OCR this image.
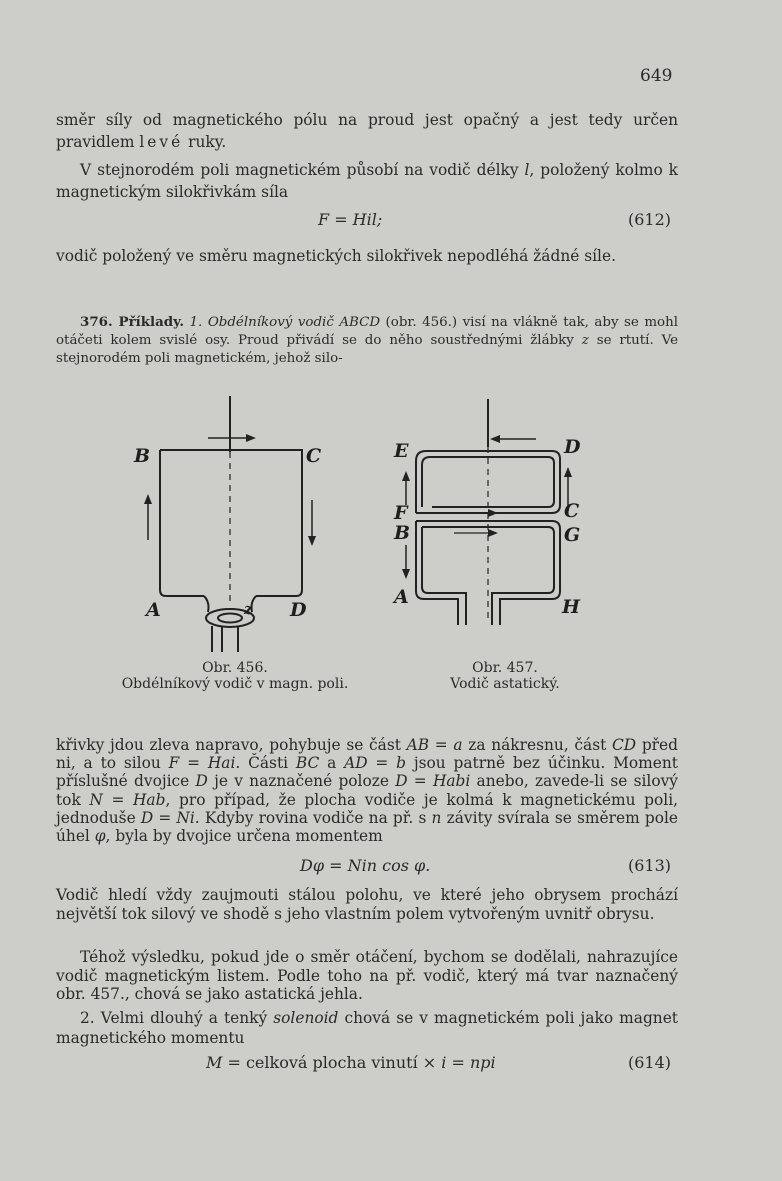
649
směr síly od magnetického pólu na proud jest opačný a jest tedy určen pravidlem levé ruky.
V stejnorodém poli magnetickém působí na vodič délky l, položený kolmo k magnetickým silokřivkám síla
F = Hil;	(612)
vodič položený ve směru magnetických silokřivek nepodléhá žádné síle.
376. Příklady. 1. Obdélníkový vodič ABCD (obr. 456.) visí na vlákně tak, aby se mohl otáčeti kolem svislé osy. Proud přivádí se do něho soustřednými žlábky z se rtutí. Ve stejnorodém poli magnetickém, jehož silo-
B	C
A	D
z
Obr. 456.
Obdélníkový vodič v magn. poli.
E	D
F	C
B	G
A	H
Obr. 457.
Vodič astatický.
křivky jdou zleva napravo, pohybuje se část AB = a za nákresnu, část CD před ni, a to silou F = Hai. Části BC a AD = b jsou patrně bez účinku. Moment příslušné dvojice D je v naznačené poloze D = Habi anebo, zavede-li se silový tok N = Hab, pro případ, že plocha vodiče je kolmá k magnetickému poli, jednoduše D = Ni. Kdyby rovina vodiče na př. s n závity svírala se směrem pole úhel φ, byla by dvojice určena momentem
Dφ = Nin cos φ.	(613)
Vodič hledí vždy zaujmouti stálou polohu, ve které jeho obrysem prochází největší tok silový ve shodě s jeho vlastním polem vytvořeným uvnitř obrysu.
Téhož výsledku, pokud jde o směr otáčení, bychom se dodělali, nahrazujíce vodič magnetickým listem. Podle toho na př. vodič, který má tvar naznačený obr. 457., chová se jako astatická jehla.
2. Velmi dlouhý a tenký solenoid chová se v magnetickém poli jako magnet magnetického momentu
M = celková plocha vinutí × i = npi	(614)
